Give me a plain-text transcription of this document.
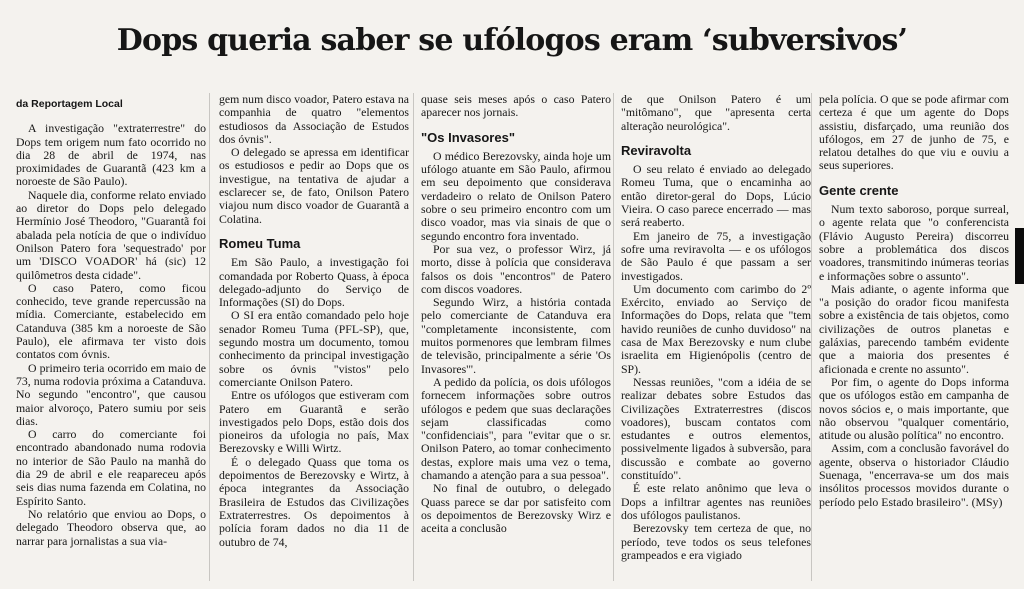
Dops queria saber se ufólogos eram ‘subversivos’
da Reportagem Local

A investigação "extraterrestre" do Dops tem origem num fato ocorrido no dia 28 de abril de 1974, nas proximidades de Guarantã (423 km a noroeste de São Paulo).

Naquele dia, conforme relato enviado ao diretor do Dops pelo delegado Hermínio José Theodoro, "Guarantã foi abalada pela notícia de que o indivíduo Onilson Patero fora 'sequestrado' por um 'DISCO VOADOR' há (sic) 12 quilômetros desta cidade".

O caso Patero, como ficou conhecido, teve grande repercussão na mídia. Comerciante, estabelecido em Catanduva (385 km a noroeste de São Paulo), ele afirmava ter visto dois contatos com óvnis.

O primeiro teria ocorrido em maio de 73, numa rodovia próxima a Catanduva. No segundo "encontro", que causou maior alvoroço, Patero sumiu por seis dias.

O carro do comerciante foi encontrado abandonado numa rodovia no interior de São Paulo na manhã do dia 29 de abril e ele reapareceu após seis dias numa fazenda em Colatina, no Espírito Santo.

No relatório que enviou ao Dops, o delegado Theodoro observa que, ao narrar para jornalistas a sua via-

gem num disco voador, Patero estava na companhia de quatro "elementos estudiosos da Associação de Estudos dos óvnis".

O delegado se apressa em identificar os estudiosos e pedir ao Dops que os investigue, na tentativa de ajudar a esclarecer se, de fato, Onilson Patero viajou num disco voador de Guarantã a Colatina.

Romeu Tuma

Em São Paulo, a investigação foi comandada por Roberto Quass, à época delegado-adjunto do Serviço de Informações (SI) do Dops.

O SI era então comandado pelo hoje senador Romeu Tuma (PFL-SP), que, segundo mostra um documento, tomou conhecimento da principal investigação sobre os óvnis "vistos" pelo comerciante Onilson Patero.

Entre os ufólogos que estiveram com Patero em Guarantã e serão investigados pelo Dops, estão dois dos pioneiros da ufologia no país, Max Berezovsky e Willi Wirtz.

É o delegado Quass que toma os depoimentos de Berezovsky e Wirtz, à época integrantes da Associação Brasileira de Estudos das Civilizações Extraterrestres. Os depoimentos à polícia foram dados no dia 11 de outubro de 74,

quase seis meses após o caso Patero aparecer nos jornais.

"Os Invasores"

O médico Berezovsky, ainda hoje um ufólogo atuante em São Paulo, afirmou em seu depoimento que considerava verdadeiro o relato de Onilson Patero sobre o seu primeiro encontro com um disco voador, mas via sinais de que o segundo encontro fora inventado.

Por sua vez, o professor Wirz, já morto, disse à polícia que considerava falsos os dois "encontros" de Patero com discos voadores.

Segundo Wirz, a história contada pelo comerciante de Catanduva era "completamente inconsistente, com muitos pormenores que lembram filmes de televisão, principalmente a série 'Os Invasores'".

A pedido da polícia, os dois ufólogos fornecem informações sobre outros ufólogos e pedem que suas declarações sejam classificadas como "confidenciais", para "evitar que o sr. Onilson Patero, ao tomar conhecimento destas, explore mais uma vez o tema, chamando a atenção para a sua pessoa".

No final de outubro, o delegado Quass parece se dar por satisfeito com os depoimentos de Berezovsky Wirz e aceita a conclusão

de que Onilson Patero é um "mitômano", que "apresenta certa alteração neurológica".

Reviravolta

O seu relato é enviado ao delegado Romeu Tuma, que o encaminha ao então diretor-geral do Dops, Lúcio Vieira. O caso parece encerrado — mas será reaberto.

Em janeiro de 75, a investigação sofre uma reviravolta — e os ufólogos de São Paulo é que passam a ser investigados.

Um documento com carimbo do 2º Exército, enviado ao Serviço de Informações do Dops, relata que "tem havido reuniões de cunho duvidoso" na casa de Max Berezovsky e num clube israelita em Higienópolis (centro de SP).

Nessas reuniões, "com a idéia de se realizar debates sobre Estudos das Civilizações Extraterrestres (discos voadores), buscam contatos com estudantes e outros elementos, possivelmente ligados à subversão, para discussão e combate ao governo constituído".

É este relato anônimo que leva o Dops a infiltrar agentes nas reuniões dos ufólogos paulistanos.

Berezovsky tem certeza de que, no período, teve todos os seus telefones grampeados e era vigiado

pela polícia. O que se pode afirmar com certeza é que um agente do Dops assistiu, disfarçado, uma reunião dos ufólogos, em 27 de junho de 75, e relatou detalhes do que viu e ouviu a seus superiores.

Gente crente

Num texto saboroso, porque surreal, o agente relata que "o conferencista (Flávio Augusto Pereira) discorreu sobre a problemática dos discos voadores, transmitindo inúmeras teorias e informações sobre o assunto".

Mais adiante, o agente informa que "a posição do orador ficou manifesta sobre a existência de tais objetos, como civilizações de outros planetas e galáxias, parecendo também evidente que a maioria dos presentes é aficionada e crente no assunto".

Por fim, o agente do Dops informa que os ufólogos estão em campanha de novos sócios e, o mais importante, que não observou "qualquer comentário, atitude ou alusão política" no encontro.

Assim, com a conclusão favorável do agente, observa o historiador Cláudio Suenaga, "encerrava-se um dos mais insólitos processos movidos durante o período pelo Estado brasileiro". (MSy)
